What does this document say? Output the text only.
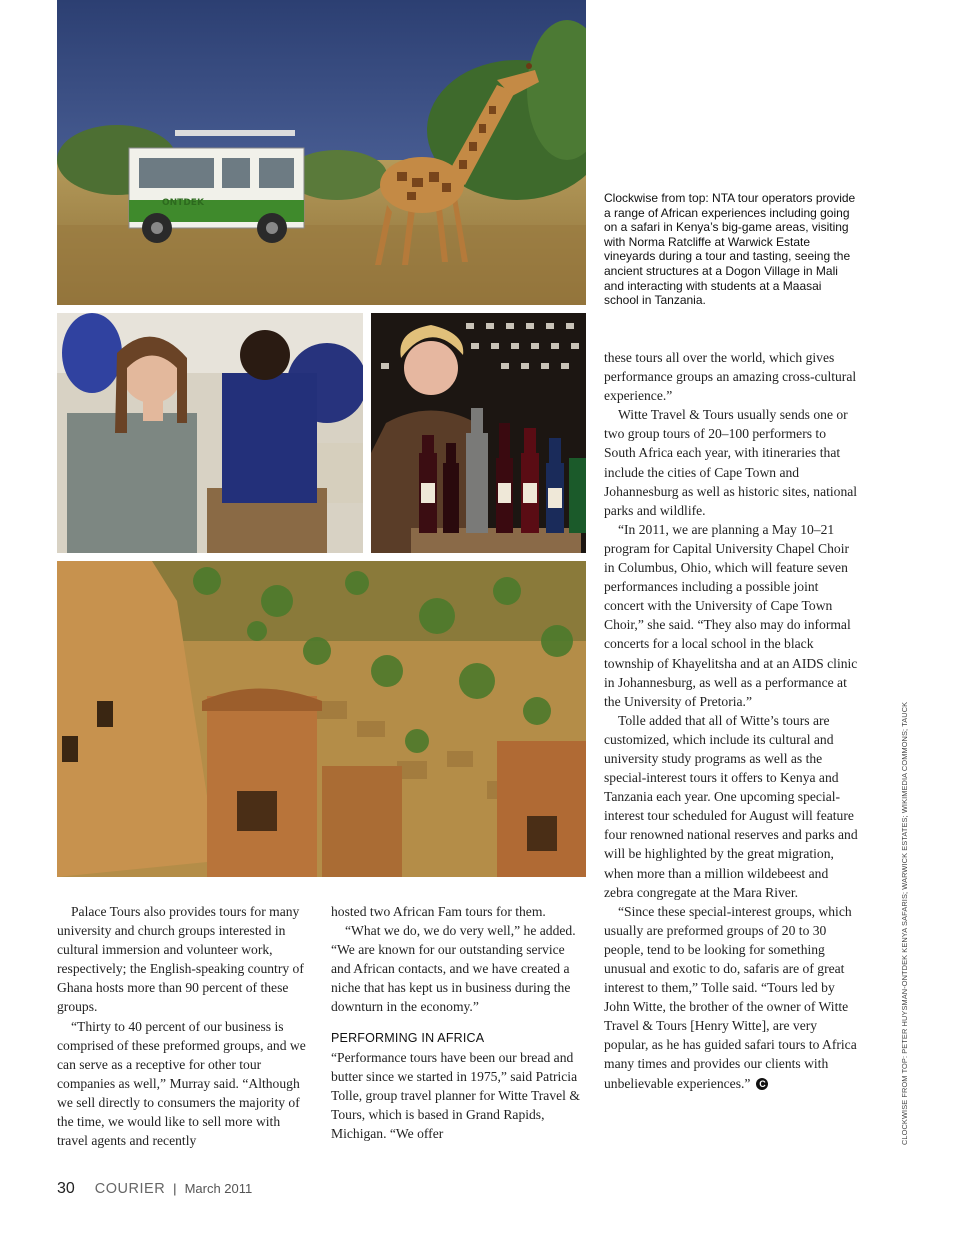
ONTDEK	Clockwise from top: NTA tour operators provide a range of African experiences including going on a safari in Kenya’s big-game areas, visiting with Norma Ratcliffe at Warwick Estate vineyards during a tour and tasting, seeing the ancient structures at a Dogon Village in Mali and interacting with students at a Maasai school in Tanzania.
CLOCKWISE FROM TOP: PETER HUYSMAN-ONTDEK KENYA SAFARIS; WARWICK ESTATES; WIKIMEDIA COMMONS; TAUCK

Palace Tours also provides tours for many university and church groups interested in cultural immersion and volunteer work, respectively; the English-speaking country of Ghana hosts more than 90 percent of these groups.

“Thirty to 40 percent of our business is comprised of these preformed groups, and we can serve as a receptive for other tour companies as well,” Murray said. “Although we sell directly to consumers the majority of the time, we would like to sell more with travel agents and recently

hosted two African Fam tours for them.

“What we do, we do very well,” he added. “We are known for our outstanding service and African contacts, and we have created a niche that has kept us in business during the downturn in the economy.”

PERFORMING IN AFRICA

“Performance tours have been our bread and butter since we started in 1975,” said Patricia Tolle, group travel planner for Witte Travel & Tours, which is based in Grand Rapids, Michigan. “We offer

these tours all over the world, which gives performance groups an amazing cross-cultural experience.”

Witte Travel & Tours usually sends one or two group tours of 20–100 performers to South Africa each year, with itineraries that include the cities of Cape Town and Johannesburg as well as historic sites, national parks and wildlife.

“In 2011, we are planning a May 10–21 program for Capital University Chapel Choir in Columbus, Ohio, which will feature seven performances including a possible joint concert with the University of Cape Town Choir,” she said. “They also may do informal concerts for a local school in the black township of Khayelitsha and at an AIDS clinic in Johannesburg, as well as a performance at the University of Pretoria.”

Tolle added that all of Witte’s tours are customized, which include its cultural and university study programs as well as the special-interest tours it offers to Kenya and Tanzania each year. One upcoming special-interest tour scheduled for August will feature four renowned national reserves and parks and will be highlighted by the great migration, when more than a million wildebeest and zebra congregate at the Mara River.

“Since these special-interest groups, which usually are preformed groups of 20 to 30 people, tend to be looking for something unusual and exotic to do, safaris are of great interest to them,” Tolle said. “Tours led by John Witte, the brother of the owner of Witte Travel & Tours [Henry Witte], are very popular, as he has guided safari tours to Africa many times and provides our clients with unbelievable experiences.” C

30 COURIER | March 2011
